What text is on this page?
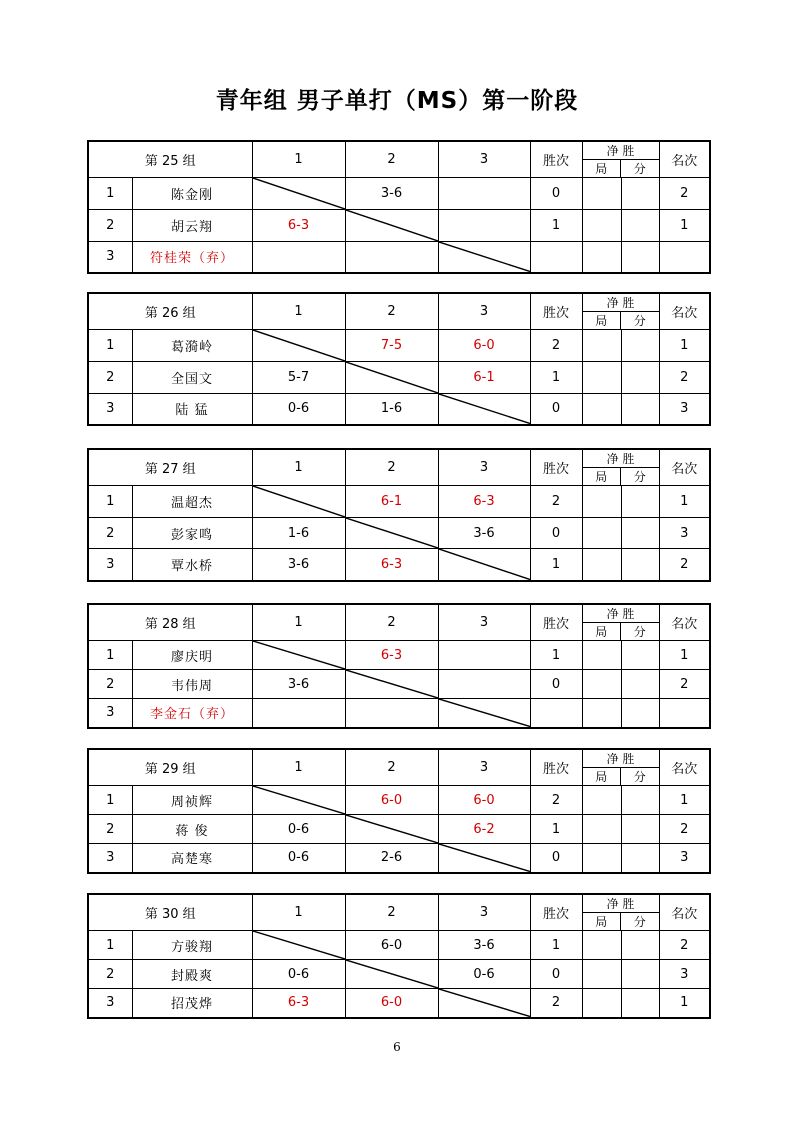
青年组 男子单打（MS）第一阶段
第 25 组		1	2	3	胜次	净 胜
局 分		名次
1	陈金刚		3-6		0			2
2	胡云翔	6-3			1			1
3	符桂荣（弃）			

第 26 组		1	2	3	胜次	净 胜
局 分		名次
1	葛漪岭		7-5	6-0	2			1
2	全国文	5-7		6-1	1			2
3	陆 猛	0-6	1-6		0			3
第 27 组		1	2	3	胜次	净 胜
局 分		名次
1	温超杰		6-1	6-3	2			1
2	彭家鸣	1-6		3-6	0			3
3	覃水桥	3-6	6-3		1			2
第 28 组		1	2	3	胜次	净 胜
局 分		名次
1	廖庆明		6-3		1			1
2	韦伟周	3-6			0			2
3	李金石（弃）			

第 29 组		1	2	3	胜次	净 胜
局 分		名次
1	周祯辉		6-0	6-0	2			1
2	蒋 俊	0-6		6-2	1			2
3	高楚寒	0-6	2-6		0			3
第 30 组		1	2	3	胜次	净 胜
局 分		名次
1	方骏翔		6-0	3-6	1			2
2	封殿爽	0-6		0-6	0			3
3	招茂烨	6-3	6-0		2			1
6
